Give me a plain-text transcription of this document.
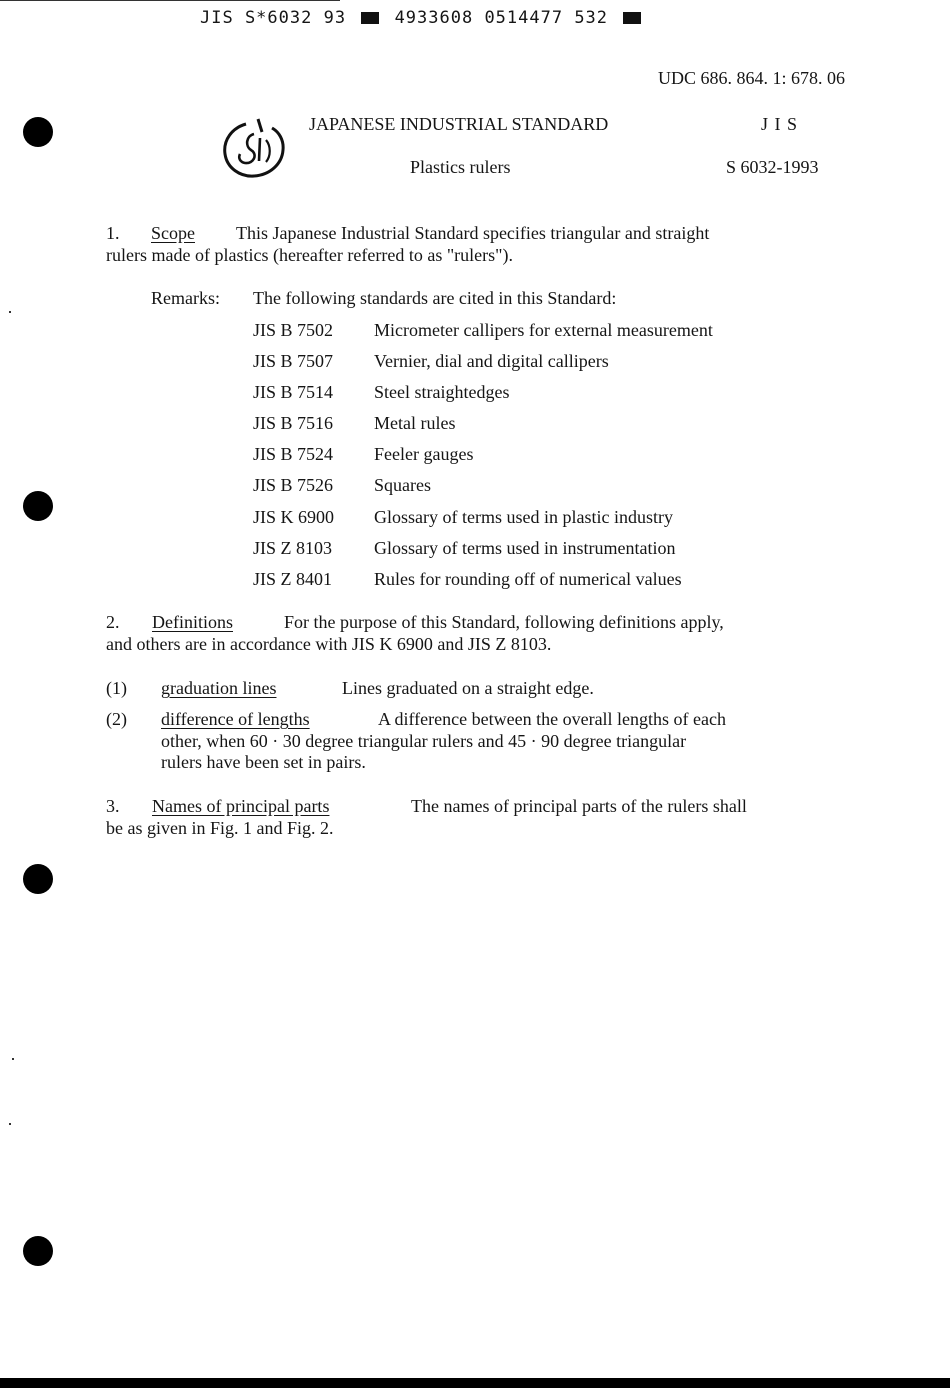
JIS S*6032 93	4933608 0514477 532
UDC 686. 864. 1: 678. 06
JAPANESE INDUSTRIAL STANDARD	J I S
Plastics rulers	S 6032-1993
1. Scope This Japanese Industrial Standard specifies triangular and straight
rulers made of plastics (hereafter referred to as "rulers").
Remarks: The following standards are cited in this Standard:
JIS B 7502 Micrometer callipers for external measurement
JIS B 7507 Vernier, dial and digital callipers
JIS B 7514 Steel straightedges
JIS B 7516 Metal rules
JIS B 7524 Feeler gauges
JIS B 7526 Squares
JIS K 6900 Glossary of terms used in plastic industry
JIS Z 8103 Glossary of terms used in instrumentation
JIS Z 8401 Rules for rounding off of numerical values
2. Definitions	For the purpose of this Standard, following definitions apply,
and others are in accordance with JIS K 6900 and JIS Z 8103.
(1) graduation lines	Lines graduated on a straight edge.
(2) difference of lengths	A difference between the overall lengths of each
other, when 60 · 30 degree triangular rulers and 45 · 90 degree triangular
rulers have been set in pairs.
3. Names of principal parts	The names of principal parts of the rulers shall
be as given in Fig. 1 and Fig. 2.
